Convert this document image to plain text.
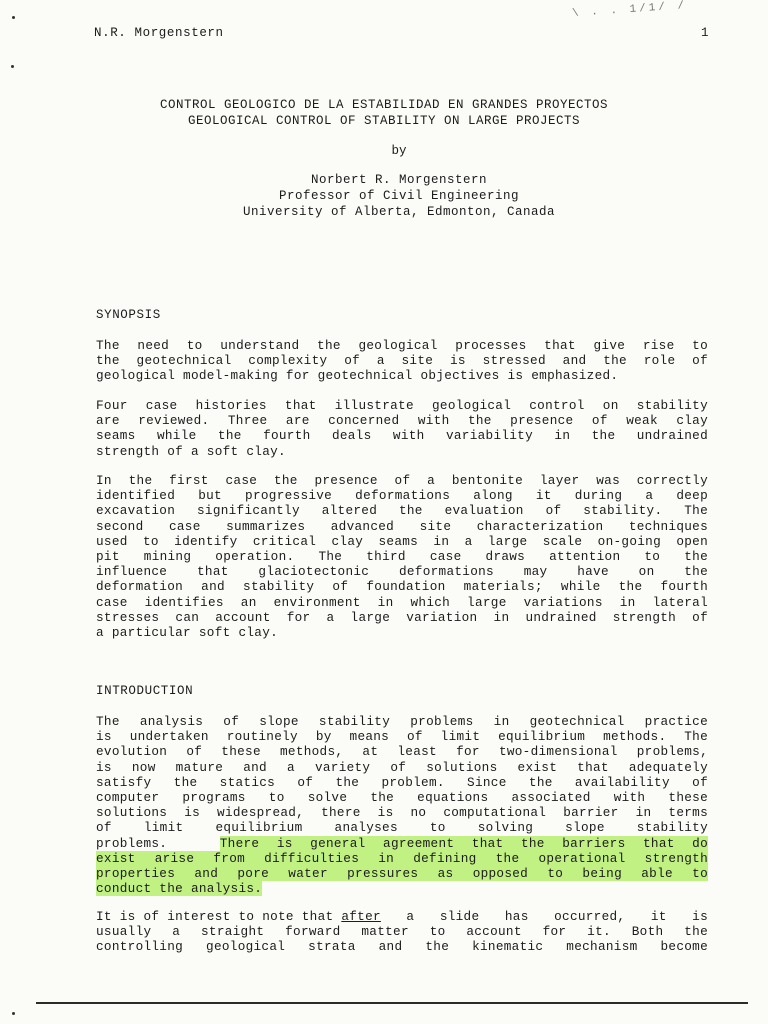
\ . . 1/1/ /
N.R. Morgenstern	1
CONTROL GEOLOGICO DE LA ESTABILIDAD EN GRANDES PROYECTOS
GEOLOGICAL CONTROL OF STABILITY ON LARGE PROJECTS
by
Norbert R. Morgenstern
Professor of Civil Engineering
University of Alberta, Edmonton, Canada
SYNOPSIS
The need to understand the geological processes that give rise to
the geotechnical complexity of a site is stressed and the role of
geological model-making for geotechnical objectives is emphasized.
Four case histories that illustrate geological control on stability
are reviewed. Three are concerned with the presence of weak clay
seams while the fourth deals with variability in the undrained
strength of a soft clay.
In the first case the presence of a bentonite layer was correctly
identified but progressive deformations along it during a deep
excavation significantly altered the evaluation of stability. The
second case summarizes advanced site characterization techniques
used to identify critical clay seams in a large scale on-going open
pit mining operation. The third case draws attention to the
influence that glaciotectonic deformations may have on the
deformation and stability of foundation materials; while the fourth
case identifies an environment in which large variations in lateral
stresses can account for a large variation in undrained strength of
a particular soft clay.
INTRODUCTION
The analysis of slope stability problems in geotechnical practice
is undertaken routinely by means of limit equilibrium methods. The
evolution of these methods, at least for two-dimensional problems,
is now mature and a variety of solutions exist that adequately
satisfy the statics of the problem. Since the availability of
computer programs to solve the equations associated with these
solutions is widespread, there is no computational barrier in terms
of limit equilibrium analyses to solving slope stability
problems.   There is general agreement that the barriers that do
exist arise from difficulties in defining the operational strength
properties and pore water pressures as opposed to being able to
conduct the analysis.
It is of interest to note that after a slide has occurred, it is
usually a straight forward matter to account for it. Both the
controlling geological strata and the kinematic mechanism become
